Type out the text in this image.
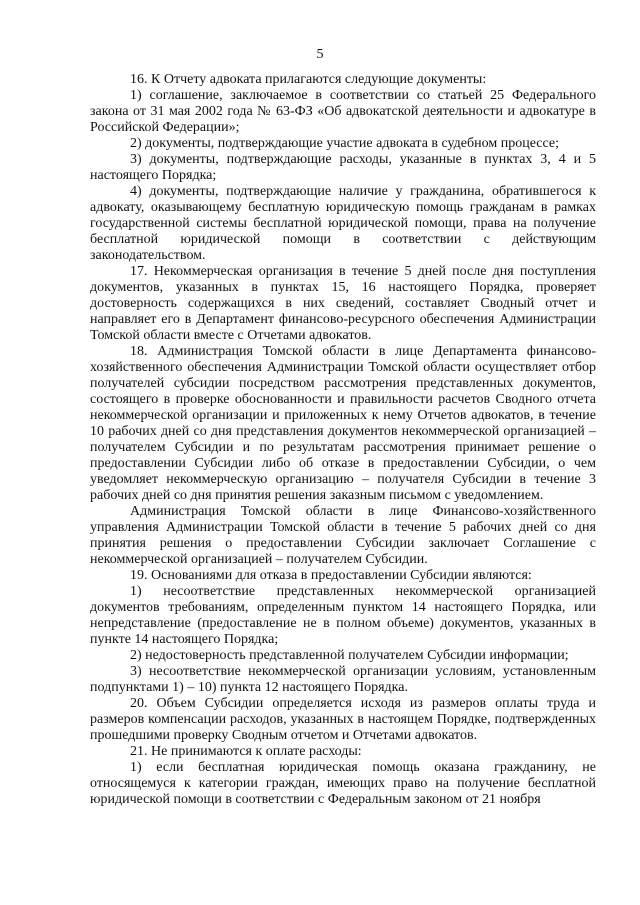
5

16. К Отчету адвоката прилагаются следующие документы:

1) соглашение, заключаемое в соответствии со статьей 25 Федерального закона от 31 мая 2002 года № 63-ФЗ «Об адвокатской деятельности и адвокатуре в Российской Федерации»;

2) документы, подтверждающие участие адвоката в судебном процессе;

3) документы, подтверждающие расходы, указанные в пунктах 3, 4 и 5 настоящего Порядка;

4) документы, подтверждающие наличие у гражданина, обратившегося к адвокату, оказывающему бесплатную юридическую помощь гражданам в рамках государственной системы бесплатной юридической помощи, права на получение бесплатной юридической помощи в соответствии с действующим законодательством.

17. Некоммерческая организация в течение 5 дней после дня поступления документов, указанных в пунктах 15, 16 настоящего Порядка, проверяет достоверность содержащихся в них сведений, составляет Сводный отчет и направляет его в Департамент финансово-ресурсного обеспечения Администрации Томской области вместе с Отчетами адвокатов.

18. Администрация Томской области в лице Департамента финансово-хозяйственного обеспечения Администрации Томской области осуществляет отбор получателей субсидии посредством рассмотрения представленных документов, состоящего в проверке обоснованности и правильности расчетов Сводного отчета некоммерческой организации и приложенных к нему Отчетов адвокатов, в течение 10 рабочих дней со дня представления документов некоммерческой организацией – получателем Субсидии и по результатам рассмотрения принимает решение о предоставлении Субсидии либо об отказе в предоставлении Субсидии, о чем уведомляет некоммерческую организацию – получателя Субсидии в течение 3 рабочих дней со дня принятия решения заказным письмом с уведомлением.

Администрация Томской области в лице Финансово-хозяйственного управления Администрации Томской области в течение 5 рабочих дней со дня принятия решения о предоставлении Субсидии заключает Соглашение с некоммерческой организацией – получателем Субсидии.

19. Основаниями для отказа в предоставлении Субсидии являются:

1) несоответствие представленных некоммерческой организацией документов требованиям, определенным пунктом 14 настоящего Порядка, или непредставление (предоставление не в полном объеме) документов, указанных в пункте 14 настоящего Порядка;

2) недостоверность представленной получателем Субсидии информации;

3) несоответствие некоммерческой организации условиям, установленным подпунктами 1) – 10) пункта 12 настоящего Порядка.

20. Объем Субсидии определяется исходя из размеров оплаты труда и размеров компенсации расходов, указанных в настоящем Порядке, подтвержденных прошедшими проверку Сводным отчетом и Отчетами адвокатов.

21. Не принимаются к оплате расходы:

1) если бесплатная юридическая помощь оказана гражданину, не относящемуся к категории граждан, имеющих право на получение бесплатной юридической помощи в соответствии с Федеральным законом от 21 ноября
